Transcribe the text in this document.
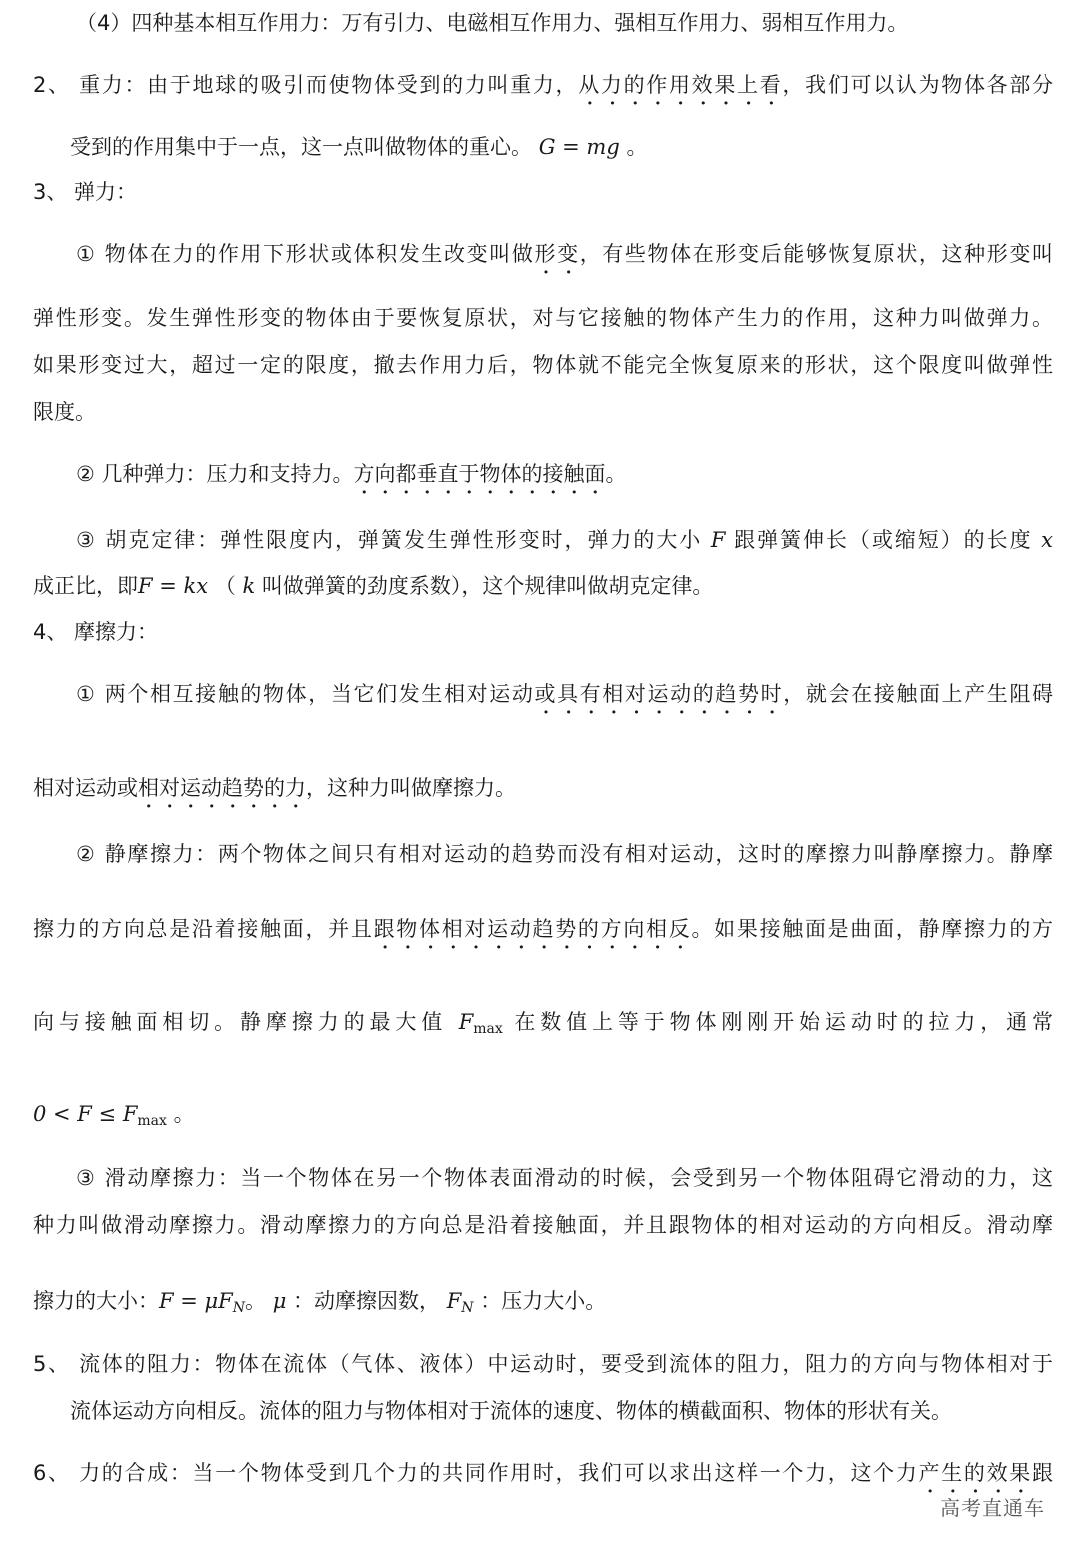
（4）四种基本相互作用力：万有引力、电磁相互作用力、强相互作用力、弱相互作用力。
2、 重力：由于地球的吸引而使物体受到的力叫重力，从力的作用效果上看，我们可以认为物体各部分
受到的作用集中于一点，这一点叫做物体的重心。 G = mg 。
3、 弹力：
① 物体在力的作用下形状或体积发生改变叫做形变，有些物体在形变后能够恢复原状，这种形变叫
弹性形变。发生弹性形变的物体由于要恢复原状，对与它接触的物体产生力的作用，这种力叫做弹力。
如果形变过大，超过一定的限度，撤去作用力后，物体就不能完全恢复原来的形状，这个限度叫做弹性
限度。
② 几种弹力：压力和支持力。方向都垂直于物体的接触面。
③ 胡克定律：弹性限度内，弹簧发生弹性形变时，弹力的大小 F 跟弹簧伸长（或缩短）的长度 x
成正比，即F = kx （ k 叫做弹簧的劲度系数），这个规律叫做胡克定律。
4、 摩擦力：
① 两个相互接触的物体，当它们发生相对运动或具有相对运动的趋势时，就会在接触面上产生阻碍
相对运动或相对运动趋势的力，这种力叫做摩擦力。
② 静摩擦力：两个物体之间只有相对运动的趋势而没有相对运动，这时的摩擦力叫静摩擦力。静摩
擦力的方向总是沿着接触面，并且跟物体相对运动趋势的方向相反。如果接触面是曲面，静摩擦力的方
向与接触面相切。静摩擦力的最大值 $F_{max}$ 在数值上等于物体刚刚开始运动时的拉力，通常
$0 < F \le F_{max}$ 。
③ 滑动摩擦力：当一个物体在另一个物体表面滑动的时候，会受到另一个物体阻碍它滑动的力，这
种力叫做滑动摩擦力。滑动摩擦力的方向总是沿着接触面，并且跟物体的相对运动的方向相反。滑动摩
擦力的大小：F = μFN。 μ ：动摩擦因数， FN ：压力大小。
5、 流体的阻力：物体在流体（气体、液体）中运动时，要受到流体的阻力，阻力的方向与物体相对于
流体运动方向相反。流体的阻力与物体相对于流体的速度、物体的横截面积、物体的形状有关。
6、 力的合成：当一个物体受到几个力的共同作用时，我们可以求出这样一个力，这个力产生的效果跟
高考直通车
